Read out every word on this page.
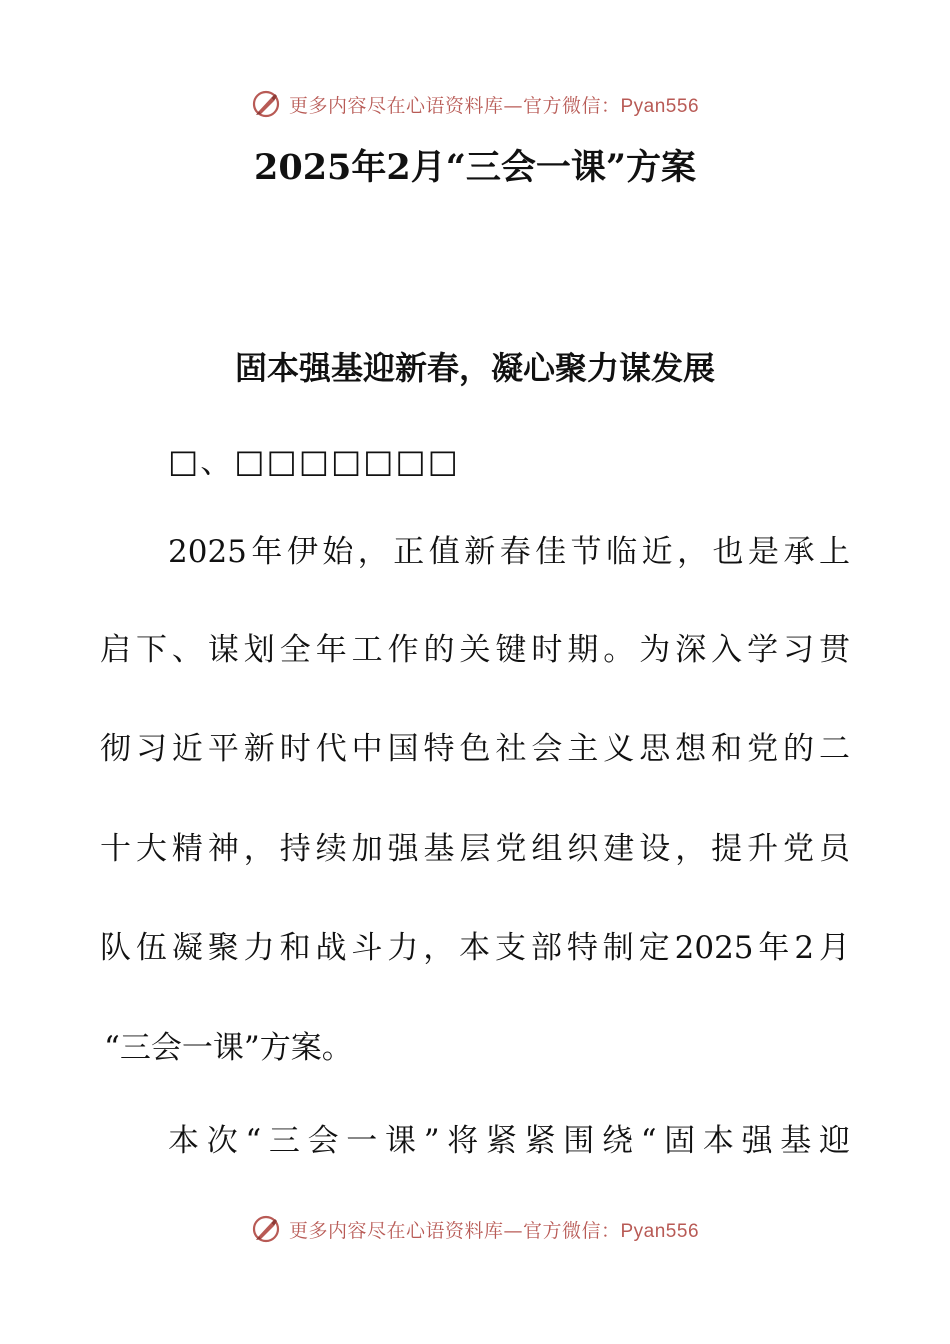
更多内容尽在心语资料库—官方微信：Pyan556
2025年2月“三会一课”方案
固本强基迎新春，凝心聚力谋发展

□、□□□□□□□

2025年伊始，正值新春佳节临近，也是承上

启下、谋划全年工作的关键时期。为深入学习贯

彻习近平新时代中国特色社会主义思想和党的二

十大精神，持续加强基层党组织建设，提升党员

队伍凝聚力和战斗力，本支部特制定2025年2月

“三会一课”方案。

本次“三会一课”将紧紧围绕“固本强基迎

更多内容尽在心语资料库—官方微信：Pyan556
